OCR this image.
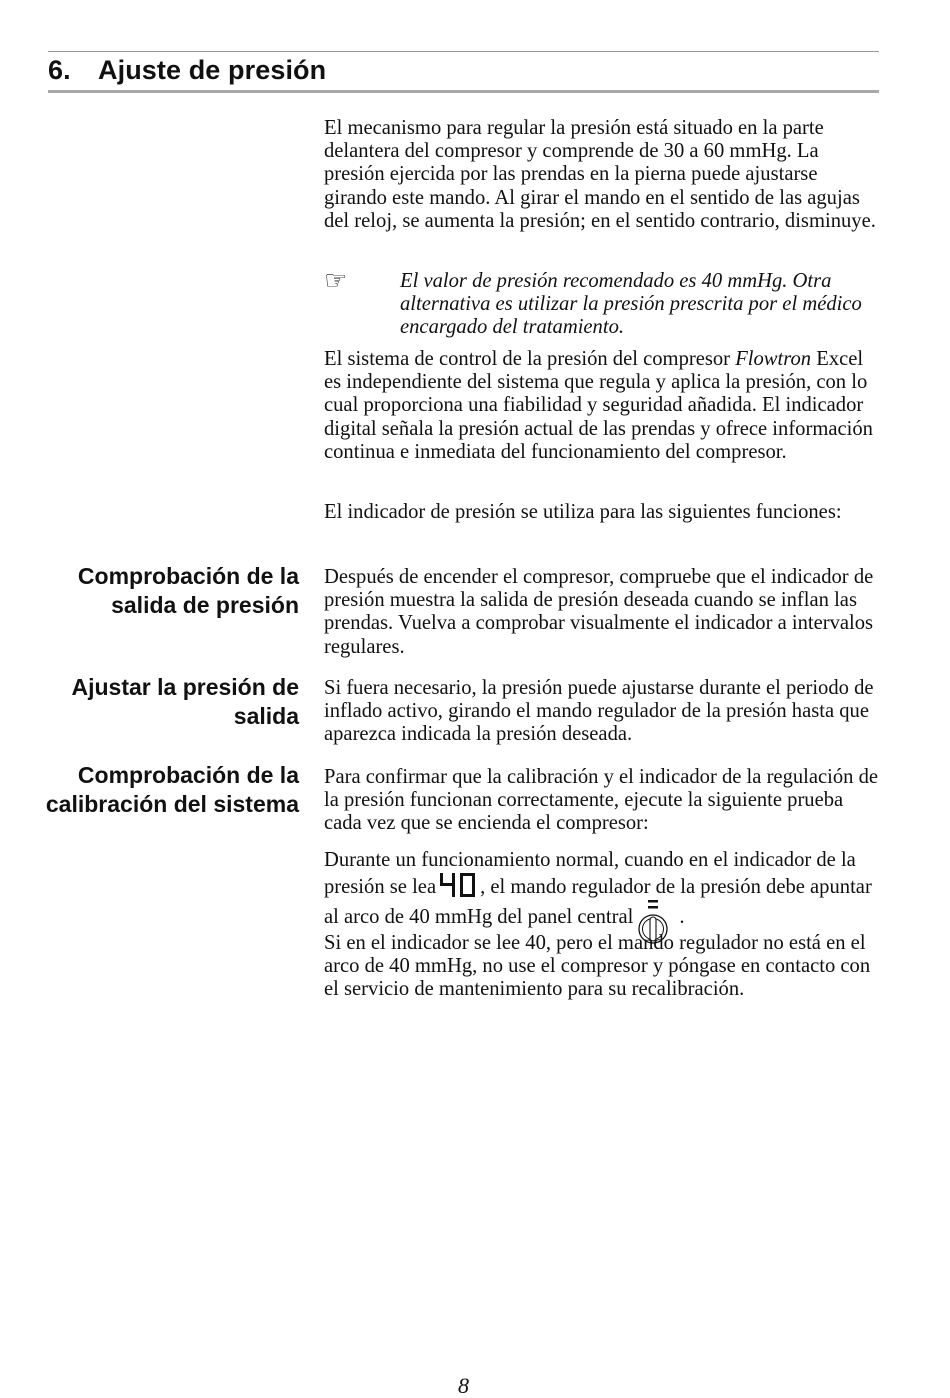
6. Ajuste de presión

El mecanismo para regular la presión está situado en la parte delantera del compresor y comprende de 30 a 60 mmHg. La presión ejercida por las prendas en la pierna puede ajustarse girando este mando. Al girar el mando en el sentido de las agujas del reloj, se aumenta la presión; en el sentido contrario, disminuye.

☞	El valor de presión recomendado es 40 mmHg. Otra alternativa es utilizar la presión prescrita por el médico encargado del tratamiento.

El sistema de control de la presión del compresor Flowtron Excel es independiente del sistema que regula y aplica la presión, con lo cual proporciona una fiabilidad y seguridad añadida. El indicador digital señala la presión actual de las prendas y ofrece información continua e inmediata del funcionamiento del compresor.

El indicador de presión se utiliza para las siguientes funciones:

Comprobación de la salida de presión

Después de encender el compresor, compruebe que el indicador de presión muestra la salida de presión deseada cuando se inflan las prendas. Vuelva a comprobar visualmente el indicador a intervalos regulares.

Ajustar la presión de salida

Si fuera necesario, la presión puede ajustarse durante el periodo de inflado activo, girando el mando regulador de la presión hasta que aparezca indicada la presión deseada.

Comprobación de la calibración del sistema

Para confirmar que la calibración y el indicador de la regulación de la presión funcionan correctamente, ejecute la siguiente prueba cada vez que se encienda el compresor:

Durante un funcionamiento normal, cuando en el indicador de la presión se lea , el mando regulador de la presión debe apuntar al arco de 40 mmHg del panel central .

Si en el indicador se lee 40, pero el mando regulador no está en el arco de 40 mmHg, no use el compresor y póngase en contacto con el servicio de mantenimiento para su recalibración.

8
